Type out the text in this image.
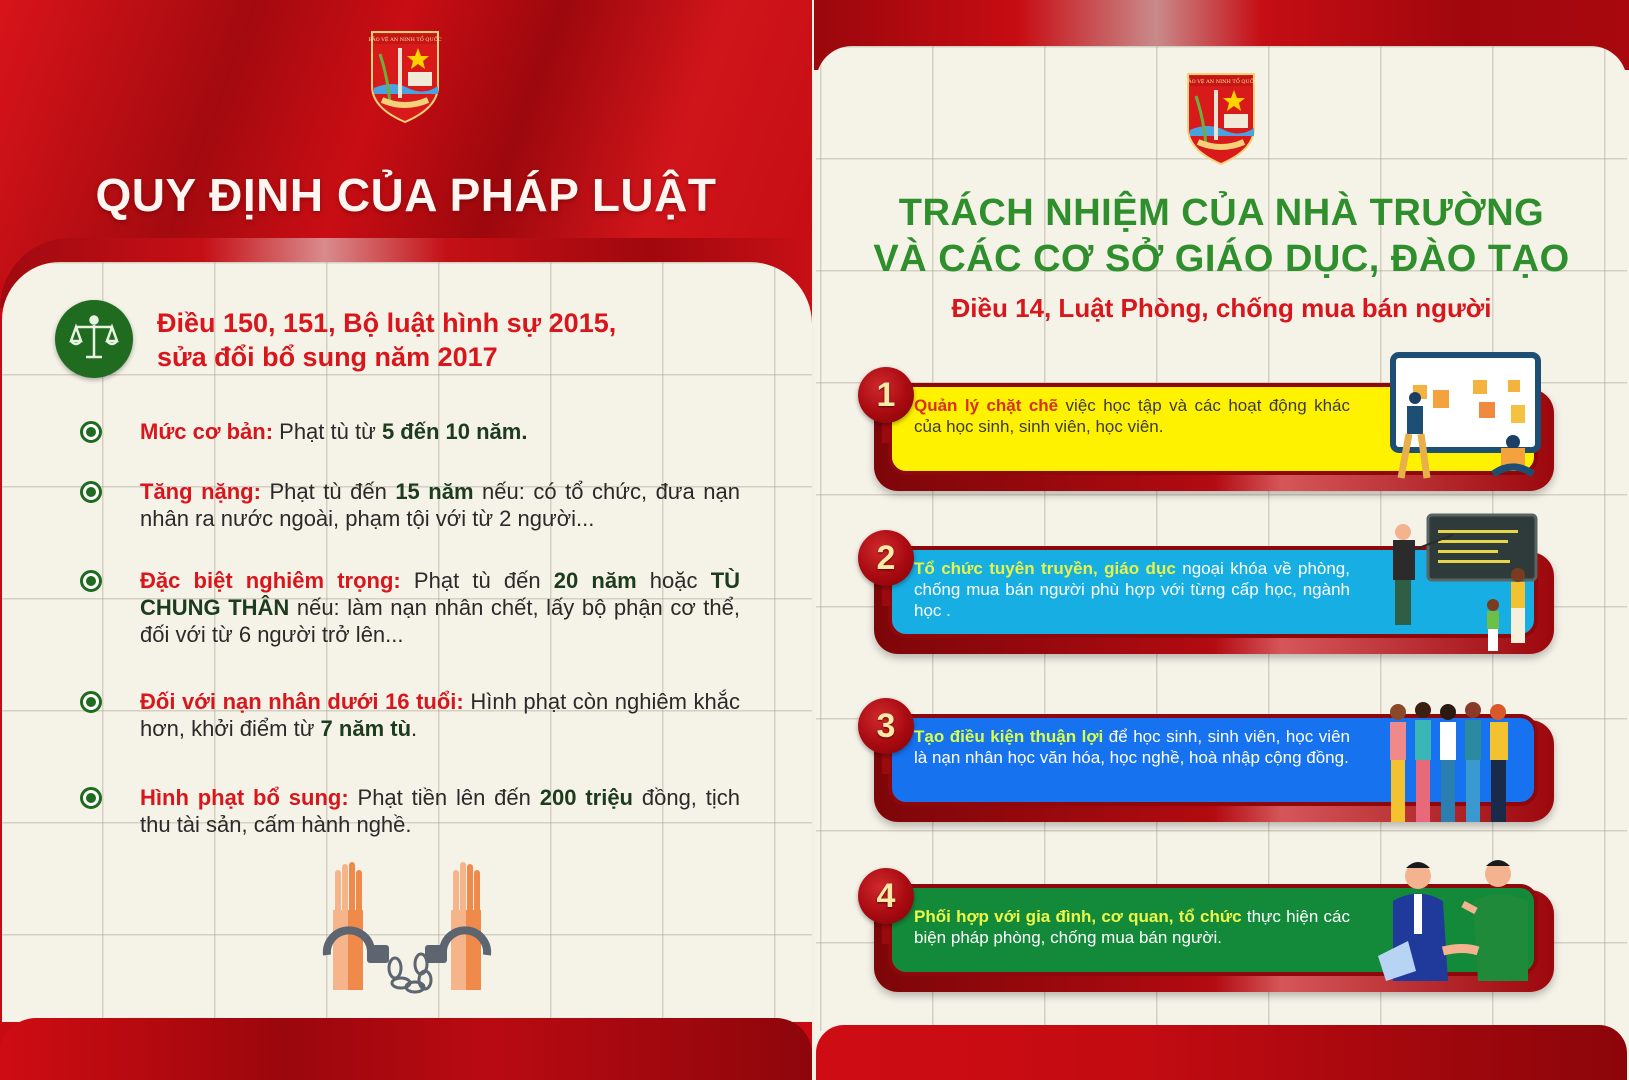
BẢO VỆ AN NINH TỔ QUỐC
QUY ĐỊNH CỦA PHÁP LUẬT
Điều 150, 151, Bộ luật hình sự 2015,
sửa đổi bổ sung năm 2017
Mức cơ bản: Phạt tù từ 5 đến 10 năm.
Tăng nặng: Phạt tù đến 15 năm nếu: có tổ chức, đưa nạn nhân ra nước ngoài, phạm tội với từ 2 người...
Đặc biệt nghiêm trọng: Phạt tù đến 20 năm hoặc TÙ CHUNG THÂN nếu: làm nạn nhân chết, lấy bộ phận cơ thể, đối với từ 6 người trở lên...
Đối với nạn nhân dưới 16 tuổi: Hình phạt còn nghiêm khắc hơn, khởi điểm từ 7 năm tù.
Hình phạt bổ sung: Phạt tiền lên đến 200 triệu đồng, tịch thu tài sản, cấm hành nghề.
BẢO VỆ AN NINH TỔ QUỐC
TRÁCH NHIỆM CỦA NHÀ TRƯỜNG
VÀ CÁC CƠ SỞ GIÁO DỤC, ĐÀO TẠO
Điều 14, Luật Phòng, chống mua bán người
1	Quản lý chặt chẽ việc học tập và các hoạt động khác của học sinh, sinh viên, học viên.
2	Tổ chức tuyên truyền, giáo dục ngoại khóa về phòng, chống mua bán người phù hợp với từng cấp học, ngành học .
3	Tạo điều kiện thuận lợi để học sinh, sinh viên, học viên là nạn nhân học văn hóa, học nghề, hoà nhập cộng đồng.
4
Phối hợp với gia đình, cơ quan, tổ chức thực hiện các biện pháp phòng, chống mua bán người.
